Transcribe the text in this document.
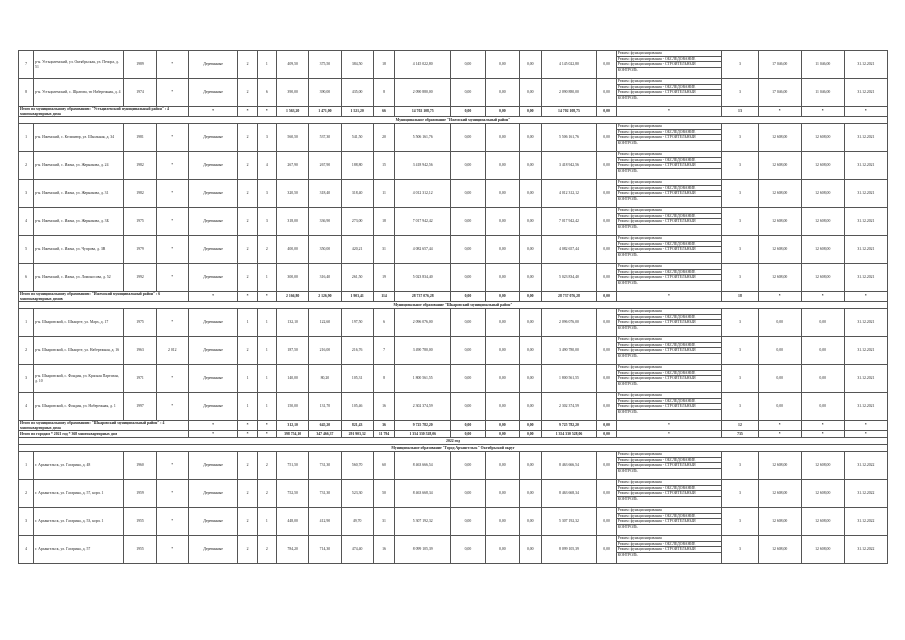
7	р-н. Устьцилемский, ул. Октябрьская, ул. Печора, д. 51	1989	*	Деревянные	2	1	409,50	375,50	384,50	18	4 145 022,80	0,00	0,00	0,00	4 145 022,80	0,00	Режим: функционирования
Режим: функционирования - ОБСЛЕДОВАНИЕ
Режим: функционирования - СТРОИТЕЛЬНЫЙ
КОНТРОЛЬ	3	17 046,00	11 046,00	31.12.2021
8	р-н. Устьцилемский, с. Щкатова, тп Набережная, д. 4	1974	*	Деревянные	2	6	390,00	390,00	435,00	8	2 090 880,00	0,00	0,00	0,00	2 090 880,00	0,00	Режим: функционирования
Режим: функционирования - ОБСЛЕДОВАНИЕ
Режим: функционирования - СТРОИТЕЛЬНЫЙ
КОНТРОЛЬ	3	17 046,00	11 046,00	31.12.2021
Итого по муниципальному образованию: "Устьцилемский муниципальный район" : 4 многоквартирных дома				*	*	*	1 563,20	1 471,00	1 521,20	66	14 702 108,75	0,00	0,00	0,00	14 702 108,75	0,00	*	13	*	*	*
Муниципальное образование "Ижемский муниципальный район"																					
1	р-н. Ижемский, с. Кельчиюр, ул. Школьная, д. 34	1981	*	Деревянные	2	3	560,50	537,30	541,50	20	5 506 161,76	0,00	0,00	0,00	5 506 161,76	0,00	Режим: функционирования
Режим: функционирования - ОБСЛЕДОВАНИЕ
Режим: функционирования - СТРОИТЕЛЬНЫЙ
КОНТРОЛЬ	3	12 608,00	12 608,00	31.12.2021
2	р-н. Ижемский, с. Ижма, ул. Жернакова, д. 24	1982	*	Деревянные	2	4	267,90	267,90	188,80	15	3 418 942,56	0,00	0,00	0,00	3 418 942,56	0,00	Режим: функционирования
Режим: функционирования - ОБСЛЕДОВАНИЕ
Режим: функционирования - СТРОИТЕЛЬНЫЙ
КОНТРОЛЬ	3	12 608,00	12 608,00	31.12.2021
3	р-н. Ижемский, с. Ижма, ул. Жернакова, д. 31	1982	*	Деревянные	2	3	320,50	318,40	318,40	11	4 012 312,12	0,00	0,00	0,00	4 012 312,12	0,00	Режим: функционирования
Режим: функционирования - ОБСЛЕДОВАНИЕ
Режим: функционирования - СТРОИТЕЛЬНЫЙ
КОНТРОЛЬ	3	12 608,00	12 608,00	31.12.2021
4	р-н. Ижемский, с. Ижма, ул. Жернакова, д. 3Б	1975	*	Деревянные	2	3	318,00	336,90	273,00	18	7 017 942,42	0,00	0,00	0,00	7 017 942,42	0,00	Режим: функционирования
Режим: функционирования - ОБСЛЕДОВАНИЕ
Режим: функционирования - СТРОИТЕЛЬНЫЙ
КОНТРОЛЬ	3	12 608,00	12 608,00	31.12.2021
5	р-н. Ижемский, с. Ижма, ул. Чупрова, д. 3В	1979	*	Деревянные	2	2	400,00	350,00	420,21	31	4 082 657,44	0,00	0,00	0,00	4 082 657,44	0,00	Режим: функционирования
Режим: функционирования - ОБСЛЕДОВАНИЕ
Режим: функционирования - СТРОИТЕЛЬНЫЙ
КОНТРОЛЬ	3	12 608,00	12 608,00	31.12.2021
6	р-н. Ижемский, с. Ижма, ул. Ломоносова, д. 52	1992	*	Деревянные	2	1	300,00	316,40	261,50	19	5 023 834,40	0,00	0,00	0,00	5 023 834,40	0,00	Режим: функционирования
Режим: функционирования - ОБСЛЕДОВАНИЕ
Режим: функционирования - СТРОИТЕЛЬНЫЙ
КОНТРОЛЬ	3	12 608,00	12 608,00	31.12.2021
Итого по муниципальному образованию: "Ижемский муниципальный район" : 6 многоквартирных домов				*	*	*	2 166,80	2 126,90	1 903,41	114	28 737 076,28	0,00	0,00	0,00	28 737 076,28	0,00	*	18	*	*	*
Муниципальное образование "Шкаровский муниципальный район"																					
1	р-н. Шкаровский, с. Шкаорте, ул. Марх, д. 17	1975	*	Деревянные	1	1	132,10	122,60	197,50	6	2 096 076,00	0,00	0,00	0,00	2 096 076,00	0,00	Режим: функционирования
Режим: функционирования - ОБСЛЕДОВАНИЕ
Режим: функционирования - СТРОИТЕЛЬНЫЙ
КОНТРОЛЬ	3	0,00	0,00	31.12.2021
2	р-н. Шкаровский, с. Шкаорте, ул. Набережная, д. 16	1963	2 012	Деревянные	2	1	187,50	216,00	216,76	7	3 490 780,00	0,00	0,00	0,00	3 490 780,00	0,00	Режим: функционирования
Режим: функционирования - ОБСЛЕДОВАНИЕ
Режим: функционирования - СТРОИТЕЛЬНЫЙ
КОНТРОЛЬ	3	0,00	0,00	31.12.2021
3	р-н. Шкаровский, с. Фондин, ул. Красная Партизан, д. 10	1971	*	Деревянные	1	1	140,00	80,20	105,31	8	1 800 561,55	0,00	0,00	0,00	1 800 561,55	0,00	Режим: функционирования
Режим: функционирования - ОБСЛЕДОВАНИЕ
Режим: функционирования - СТРОИТЕЛЬНЫЙ
КОНТРОЛЬ	3	0,00	0,00	31.12.2021
4	р-н. Шкаровский, с. Фондин, ул. Набережная, д. 1	1997	*	Деревянные	1	1	150,00	131,70	105,46	16	2 302 374,59	0,00	0,00	0,00	2 302 374,59	0,00	Режим: функционирования
Режим: функционирования - ОБСЛЕДОВАНИЕ
Режим: функционирования - СТРОИТЕЛЬНЫЙ
КОНТРОЛЬ	3	0,00	0,00	31.12.2021
Итого по муниципальному образованию: "Шкаровский муниципальный район" : 4 многоквартирных дома				*	*	*	312,10	645,20	821,43	36	9 725 782,20	0,00	0,00	0,00	9 725 782,20	0,00	*	12	*	*	*
Итого по городам * 2021 год * 368 многоквартирных дом				*	*	*	398 754,10	347 466,37	291 903,32	11 794	1 354 330 528,06	0,00	0,00	0,00	1 354 330 528,06	0,00	*	735	*	*	*
2022 год																					
Муниципальное образование "Город Архангельск" Октябрьский округ																					
1	г. Архангельск, ул. Гагарина, д. 48	1960	*	Деревянные	2	2	751,50	731,30	560,70	60	8 463 666,54	0,00	0,00	0,00	8 463 666,54	0,00	Режим: функционирования
Режим: функционирования - ОБСЛЕДОВАНИЕ
Режим: функционирования - СТРОИТЕЛЬНЫЙ
КОНТРОЛЬ	3	12 608,00	12 608,00	31.12.2022
2	г. Архангельск, ул. Гагарина, д. 57, корп. 1	1959	*	Деревянные	2	2	752,50	731,30	523,30	50	8 463 668,34	0,00	0,00	0,00	8 463 668,34	0,00	Режим: функционирования
Режим: функционирования - ОБСЛЕДОВАНИЕ
Режим: функционирования - СТРОИТЕЛЬНЫЙ
КОНТРОЛЬ	3	12 608,00	12 608,00	31.12.2022
3	г. Архангельск, ул. Гагарина, д. 53, корп. 1	1955	*	Деревянные	2	1	448,00	412,90	49,70	31	5 307 192,32	0,00	0,00	0,00	5 307 192,32	0,00	Режим: функционирования
Режим: функционирования - ОБСЛЕДОВАНИЕ
Режим: функционирования - СТРОИТЕЛЬНЫЙ
КОНТРОЛЬ	3	12 608,00	12 608,00	31.12.2022
4	г. Архангельск, ул. Гагарина, д. 57	1955	*	Деревянные	2	2	784,20	714,30	474,40	16	8 099 105,39	0,00	0,00	0,00	8 099 105,39	0,00	Режим: функционирования
Режим: функционирования - ОБСЛЕДОВАНИЕ
Режим: функционирования - СТРОИТЕЛЬНЫЙ
КОНТРОЛЬ	3	12 608,00	12 608,00	31.12.2022
